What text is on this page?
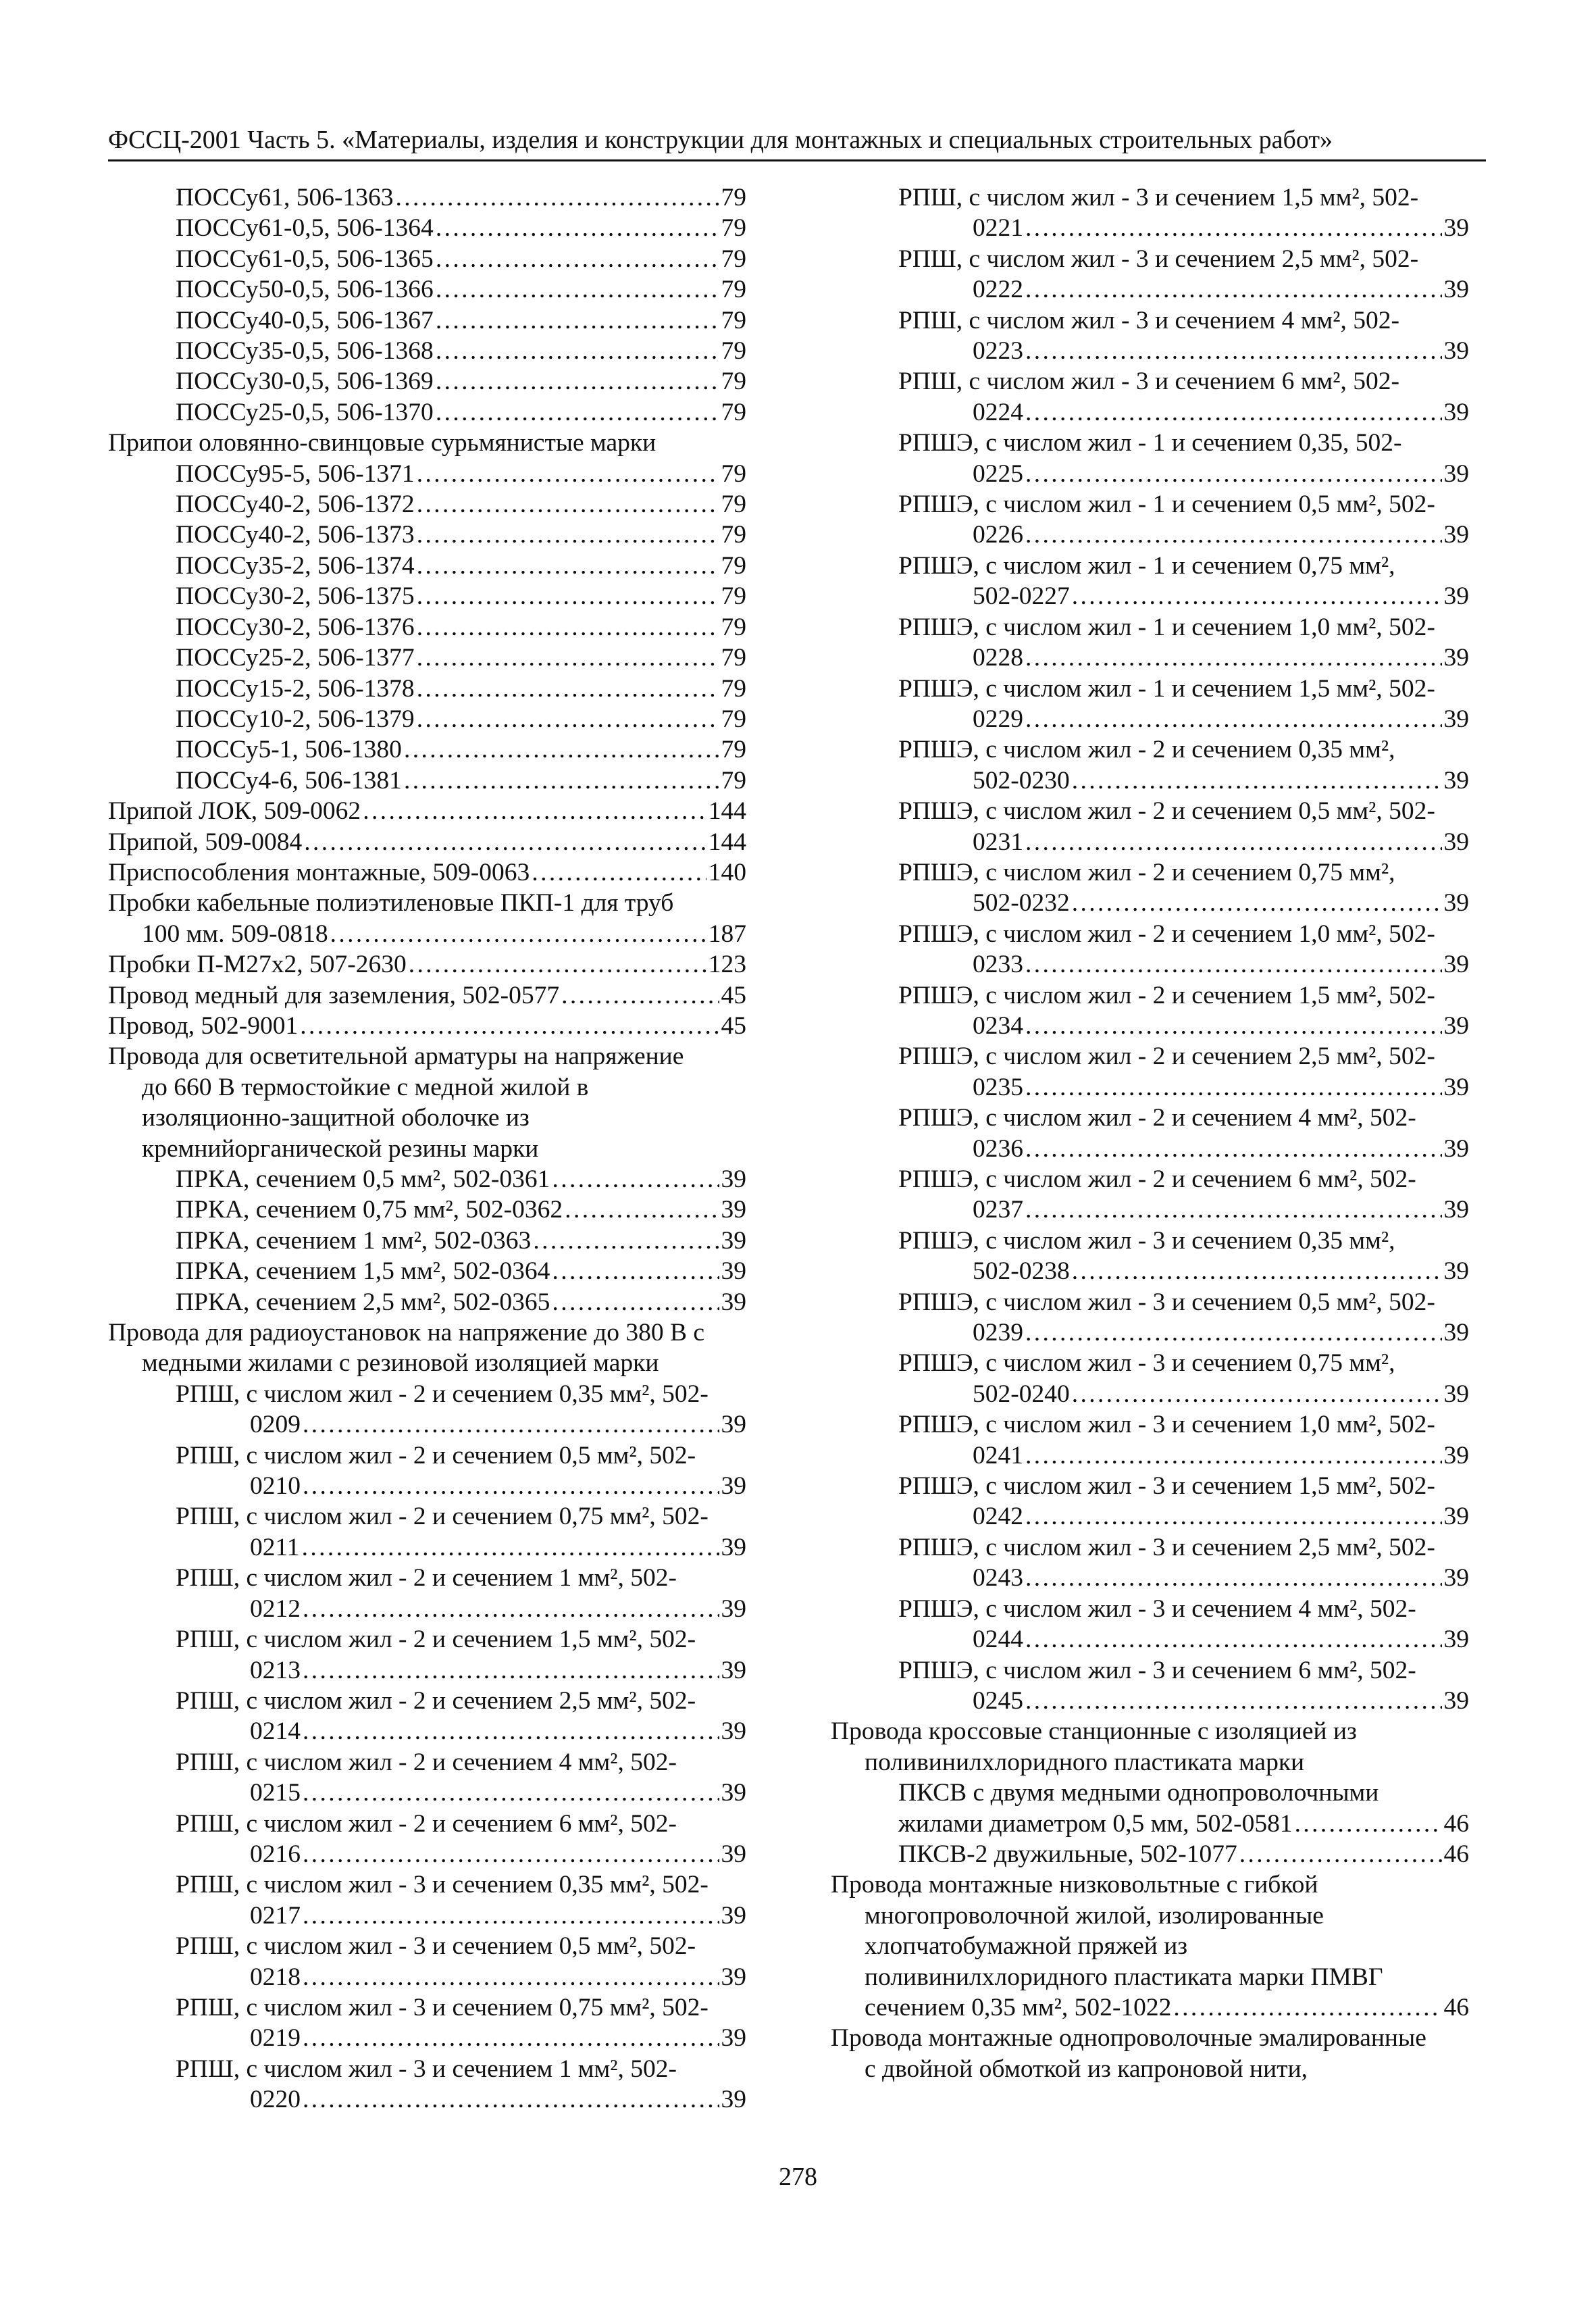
ФССЦ-2001 Часть 5. «Материалы, изделия и конструкции для монтажных и специальных строительных работ»
ПОССу61, 506-1363 . . .	79
ПОССу61-0,5, 506-1364 . . .	79
ПОССу61-0,5, 506-1365 . . .	79
ПОССу50-0,5, 506-1366 . . .	79
ПОССу40-0,5, 506-1367 . . .	79
ПОССу35-0,5, 506-1368 . . .	79
ПОССу30-0,5, 506-1369 . . .	79
ПОССу25-0,5, 506-1370 . . .	79
Припои оловянно-свинцовые сурьмянистые марки
ПОССу95-5, 506-1371 . . .	79
ПОССу40-2, 506-1372 . . .	79
ПОССу40-2, 506-1373 . . .	79
ПОССу35-2, 506-1374 . . .	79
ПОССу30-2, 506-1375 . . .	79
ПОССу30-2, 506-1376 . . .	79
ПОССу25-2, 506-1377 . . .	79
ПОССу15-2, 506-1378 . . .	79
ПОССу10-2, 506-1379 . . .	79
ПОССу5-1, 506-1380 . . .	79
ПОССу4-6, 506-1381 . . .	79
Припой ЛОК, 509-0062 . . .	144
Припой, 509-0084 . . .	144
Приспособления монтажные, 509-0063 . . .	140
Пробки кабельные полиэтиленовые ПКП-1 для труб
100 мм. 509-0818 . . .	187
Пробки П-М27х2, 507-2630 . . .	123
Провод медный для заземления, 502-0577 . . .	45
Провод, 502-9001 . . .	45
Провода для осветительной арматуры на напряжение
до 660 В термостойкие с медной жилой в
изоляционно-защитной оболочке из
кремнийорганической резины марки
ПРКА, сечением 0,5 мм², 502-0361 . . .	39
ПРКА, сечением 0,75 мм², 502-0362 . . .	39
ПРКА, сечением 1 мм², 502-0363 . . .	39
ПРКА, сечением 1,5 мм², 502-0364 . . .	39
ПРКА, сечением 2,5 мм², 502-0365 . . .	39
Провода для радиоустановок на напряжение до 380 В с
медными жилами с резиновой изоляцией марки
РПШ, с числом жил - 2 и сечением 0,35 мм², 502-
0209 . . .	39
РПШ, с числом жил - 2 и сечением 0,5 мм², 502-
0210 . . .	39
РПШ, с числом жил - 2 и сечением 0,75 мм², 502-
0211 . . .	39
РПШ, с числом жил - 2 и сечением 1 мм², 502-
0212 . . .	39
РПШ, с числом жил - 2 и сечением 1,5 мм², 502-
0213 . . .	39
РПШ, с числом жил - 2 и сечением 2,5 мм², 502-
0214 . . .	39
РПШ, с числом жил - 2 и сечением 4 мм², 502-
0215 . . .	39
РПШ, с числом жил - 2 и сечением 6 мм², 502-
0216 . . .	39
РПШ, с числом жил - 3 и сечением 0,35 мм², 502-
0217 . . .	39
РПШ, с числом жил - 3 и сечением 0,5 мм², 502-
0218 . . .	39
РПШ, с числом жил - 3 и сечением 0,75 мм², 502-
0219 . . .	39
РПШ, с числом жил - 3 и сечением 1 мм², 502-
0220 . . .	39
РПШ, с числом жил - 3 и сечением 1,5 мм², 502-
0221 . . .	39
РПШ, с числом жил - 3 и сечением 2,5 мм², 502-
0222 . . .	39
РПШ, с числом жил - 3 и сечением 4 мм², 502-
0223 . . .	39
РПШ, с числом жил - 3 и сечением 6 мм², 502-
0224 . . .	39
РПШЭ, с числом жил - 1 и сечением 0,35, 502-
0225 . . .	39
РПШЭ, с числом жил - 1 и сечением 0,5 мм², 502-
0226 . . .	39
РПШЭ, с числом жил - 1 и сечением 0,75 мм²,
502-0227 . . .	39
РПШЭ, с числом жил - 1 и сечением 1,0 мм², 502-
0228 . . .	39
РПШЭ, с числом жил - 1 и сечением 1,5 мм², 502-
0229 . . .	39
РПШЭ, с числом жил - 2 и сечением 0,35 мм²,
502-0230 . . .	39
РПШЭ, с числом жил - 2 и сечением 0,5 мм², 502-
0231 . . .	39
РПШЭ, с числом жил - 2 и сечением 0,75 мм²,
502-0232 . . .	39
РПШЭ, с числом жил - 2 и сечением 1,0 мм², 502-
0233 . . .	39
РПШЭ, с числом жил - 2 и сечением 1,5 мм², 502-
0234 . . .	39
РПШЭ, с числом жил - 2 и сечением 2,5 мм², 502-
0235 . . .	39
РПШЭ, с числом жил - 2 и сечением 4 мм², 502-
0236 . . .	39
РПШЭ, с числом жил - 2 и сечением 6 мм², 502-
0237 . . .	39
РПШЭ, с числом жил - 3 и сечением 0,35 мм²,
502-0238 . . .	39
РПШЭ, с числом жил - 3 и сечением 0,5 мм², 502-
0239 . . .	39
РПШЭ, с числом жил - 3 и сечением 0,75 мм²,
502-0240 . . .	39
РПШЭ, с числом жил - 3 и сечением 1,0 мм², 502-
0241 . . .	39
РПШЭ, с числом жил - 3 и сечением 1,5 мм², 502-
0242 . . .	39
РПШЭ, с числом жил - 3 и сечением 2,5 мм², 502-
0243 . . .	39
РПШЭ, с числом жил - 3 и сечением 4 мм², 502-
0244 . . .	39
РПШЭ, с числом жил - 3 и сечением 6 мм², 502-
0245 . . .	39
Провода кроссовые станционные с изоляцией из
поливинилхлоридного пластиката марки
ПКСВ с двумя медными однопроволочными
жилами диаметром 0,5 мм, 502-0581 . . .	46
ПКСВ-2 двужильные, 502-1077 . . .	46
Провода монтажные низковольтные с гибкой
многопроволочной жилой, изолированные
хлопчатобумажной пряжей из
поливинилхлоридного пластиката марки ПМВГ
сечением 0,35 мм², 502-1022 . . .	46
Провода монтажные однопроволочные эмалированные
с двойной обмоткой из капроновой нити,
278
